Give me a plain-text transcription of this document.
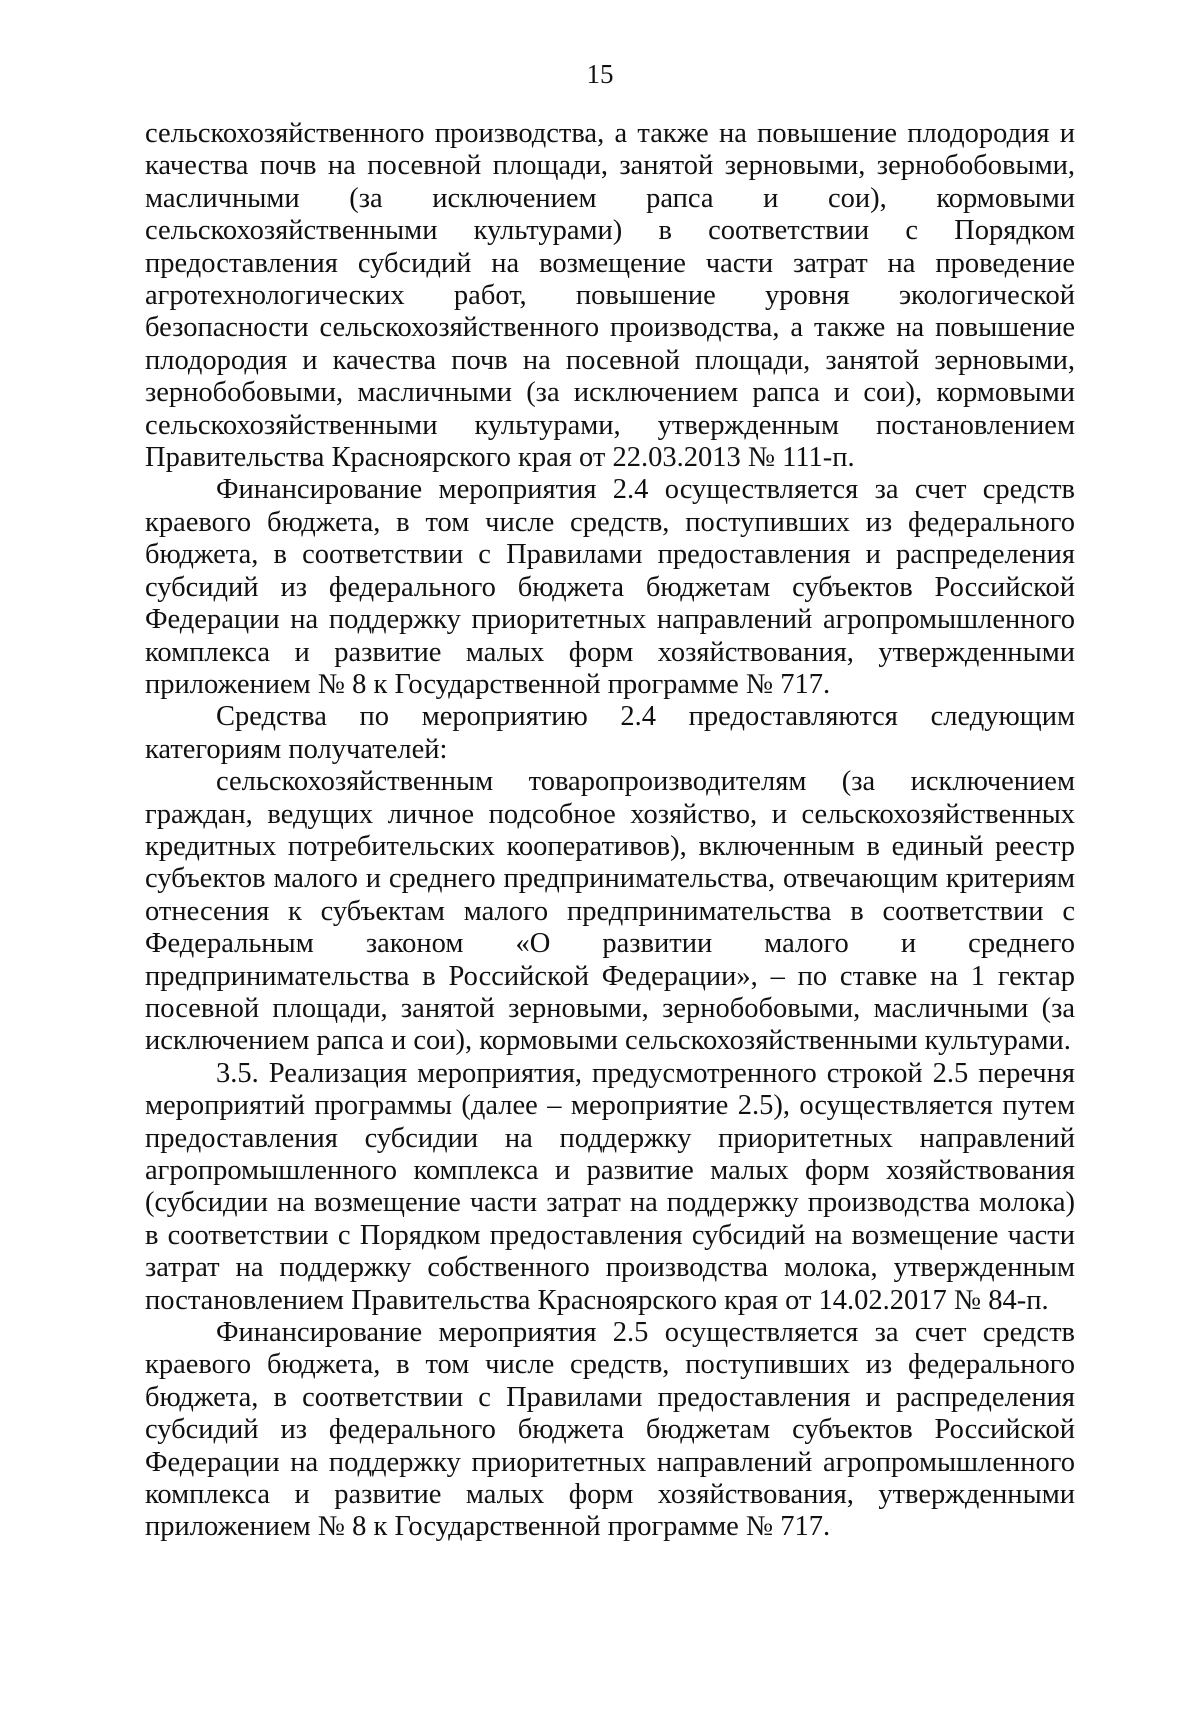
15

сельскохозяйственного производства, а также на повышение плодородия и качества почв на посевной площади, занятой зерновыми, зернобобовыми, масличными (за исключением рапса и сои), кормовыми сельскохозяйственными культурами) в соответствии с Порядком предоставления субсидий на возмещение части затрат на проведение агротехнологических работ, повышение уровня экологической безопасности сельскохозяйственного производства, а также на повышение плодородия и качества почв на посевной площади, занятой зерновыми, зернобобовыми, масличными (за исключением рапса и сои), кормовыми сельскохозяйственными культурами, утвержденным постановлением Правительства Красноярского края от 22.03.2013 № 111-п.

Финансирование мероприятия 2.4 осуществляется за счет средств краевого бюджета, в том числе средств, поступивших из федерального бюджета, в соответствии с Правилами предоставления и распределения субсидий из федерального бюджета бюджетам субъектов Российской Федерации на поддержку приоритетных направлений агропромышленного комплекса и развитие малых форм хозяйствования, утвержденными приложением № 8 к Государственной программе № 717.

Средства по мероприятию 2.4 предоставляются следующим категориям получателей:

сельскохозяйственным товаропроизводителям (за исключением граждан, ведущих личное подсобное хозяйство, и сельскохозяйственных кредитных потребительских кооперативов), включенным в единый реестр субъектов малого и среднего предпринимательства, отвечающим критериям отнесения к субъектам малого предпринимательства в соответствии с Федеральным законом «О развитии малого и среднего предпринимательства в Российской Федерации», – по ставке на 1 гектар посевной площади, занятой зерновыми, зернобобовыми, масличными (за исключением рапса и сои), кормовыми сельскохозяйственными культурами.

3.5. Реализация мероприятия, предусмотренного строкой 2.5 перечня мероприятий программы (далее – мероприятие 2.5), осуществляется путем предоставления субсидии на поддержку приоритетных направлений агропромышленного комплекса и развитие малых форм хозяйствования (субсидии на возмещение части затрат на поддержку производства молока) в соответствии с Порядком предоставления субсидий на возмещение части затрат на поддержку собственного производства молока, утвержденным постановлением Правительства Красноярского края от 14.02.2017 № 84-п.

Финансирование мероприятия 2.5 осуществляется за счет средств краевого бюджета, в том числе средств, поступивших из федерального бюджета, в соответствии с Правилами предоставления и распределения субсидий из федерального бюджета бюджетам субъектов Российской Федерации на поддержку приоритетных направлений агропромышленного комплекса и развитие малых форм хозяйствования, утвержденными приложением № 8 к Государственной программе № 717.
